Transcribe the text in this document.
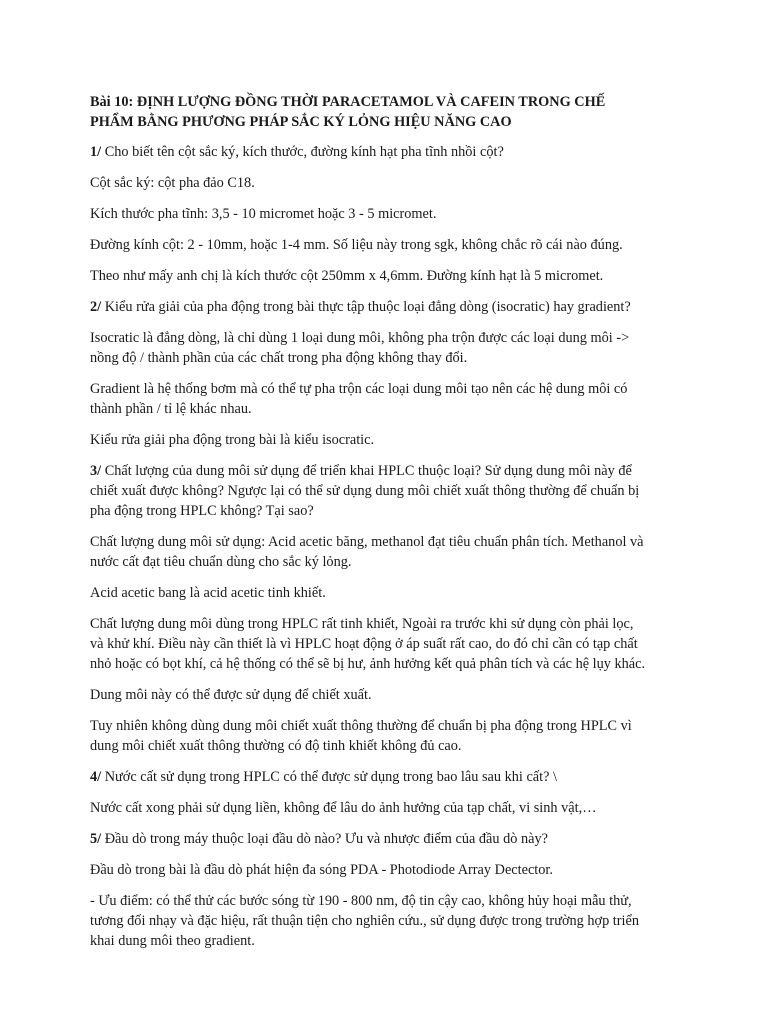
Bài 10: ĐỊNH LƯỢNG ĐỒNG THỜI PARACETAMOL VÀ CAFEIN TRONG CHẾ
PHẨM BẰNG PHƯƠNG PHÁP SẮC KÝ LỎNG HIỆU NĂNG CAO
1/ Cho biết tên cột sắc ký, kích thước, đường kính hạt pha tĩnh nhồi cột?
Cột sắc ký: cột pha đảo C18.
Kích thước pha tĩnh: 3,5 - 10 micromet hoặc 3 - 5 micromet.
Đường kính cột: 2 - 10mm, hoặc 1-4 mm. Số liệu này trong sgk, không chắc rõ cái nào đúng.
Theo như mấy anh chị là kích thước cột 250mm x 4,6mm. Đường kính hạt là 5 micromet.
2/ Kiểu rửa giải của pha động trong bài thực tập thuộc loại đẳng dòng (isocratic) hay gradient?
Isocratic là đẳng dòng, là chỉ dùng 1 loại dung môi, không pha trộn được các loại dung môi ->
nồng độ / thành phần của các chất trong pha động không thay đổi.
Gradient là hệ thống bơm mà có thể tự pha trộn các loại dung môi tạo nên các hệ dung môi có
thành phần / tỉ lệ khác nhau.
Kiểu rửa giải pha động trong bài là kiểu isocratic.
3/ Chất lượng của dung môi sử dụng để triển khai HPLC thuộc loại? Sử dụng dung môi này để
chiết xuất được không? Ngược lại có thể sử dụng dung môi chiết xuất thông thường để chuẩn bị
pha động trong HPLC không? Tại sao?
Chất lượng dung môi sử dụng: Acid acetic băng, methanol đạt tiêu chuẩn phân tích. Methanol và
nước cất đạt tiêu chuẩn dùng cho sắc ký lỏng.
Acid acetic bang là acid acetic tinh khiết.
Chất lượng dung môi dùng trong HPLC rất tinh khiết, Ngoài ra trước khi sử dụng còn phải lọc,
và khử khí. Điều này cần thiết là vì HPLC hoạt động ở áp suất rất cao, do đó chỉ cần có tạp chất
nhỏ hoặc có bọt khí, cả hệ thống có thể sẽ bị hư, ảnh hưởng kết quả phân tích và các hệ lụy khác.
Dung môi này có thể được sử dụng để chiết xuất.
Tuy nhiên không dùng dung môi chiết xuất thông thường để chuẩn bị pha động trong HPLC vì
dung môi chiết xuất thông thường có độ tinh khiết không đủ cao.
4/ Nước cất sử dụng trong HPLC có thể được sử dụng trong bao lâu sau khi cất? \
Nước cất xong phải sử dụng liền, không để lâu do ảnh hưởng của tạp chất, vi sinh vật,…
5/ Đầu dò trong máy thuộc loại đầu dò nào? Ưu và nhược điểm của đầu dò này?
Đầu dò trong bài là đầu dò phát hiện đa sóng PDA - Photodiode Array Dectector.
- Ưu điểm: có thể thử các bước sóng từ 190 - 800 nm, độ tin cậy cao, không hủy hoại mẫu thử,
tương đối nhạy và đặc hiệu, rất thuận tiện cho nghiên cứu., sử dụng được trong trường hợp triển
khai dung môi theo gradient.
